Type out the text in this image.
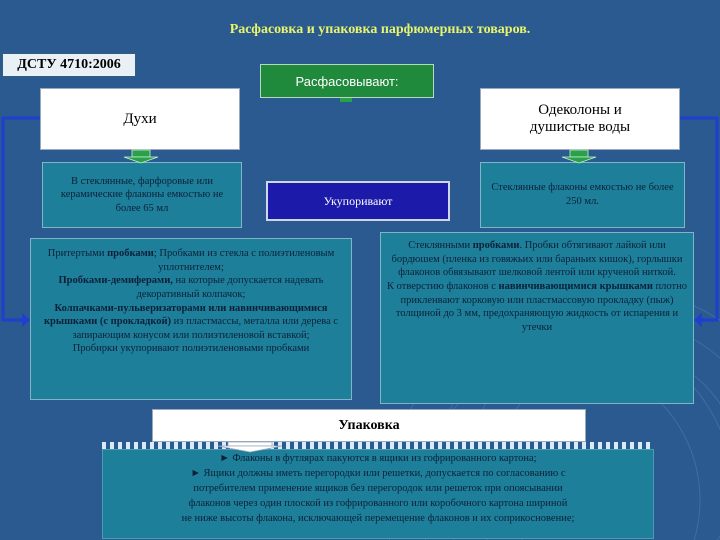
Расфасовка и упаковка парфюмерных товаров.
ДСТУ 4710:2006
Расфасовывают:
Духи
Одеколоны и душистые воды
В стеклянные, фарфоровые или керамические флаконы емкостью не более 65 мл
Укупоривают
Стеклянные флаконы емкостью не более 250 мл.
Притертыми пробками; Пробками из стекла с полиэтиленовым уплотнителем;
Пробками-демиферами, на которые допускается надевать декоративный колпачок;
Колпачками-пульверизаторами или навинчивающимися крышками (с прокладкой) из пластмассы, металла или дерева с запирающим конусом или полиэтиленовой вставкой;
Пробирки укупоривают полиэтиленовыми пробками
Стеклянными пробками. Пробки обтягивают лайкой или бордюшем (пленка из говяжьих или бараньих кишок), горлышки флаконов обвязывают шелковой лентой или крученой ниткой.
К отверстию флаконов с навинчивающимися крышками плотно прикленвают корковую или пластмассовую прокладку (пыж) толщиной до 3 мм, предохраняющую жидкость от испарения и утечки
Упаковка
► Флаконы в футлярах пакуются в ящики из гофрированного картона;
► Ящики должны иметь перегородки или решетки, допускается по согласованию с
потребителем применение ящиков без перегородок или решеток при опоясывании
флаконов через один плоской из гофрированного или коробочного картона шириной
не ниже высоты флакона, исключающей перемещение флаконов и их соприкосновение;
